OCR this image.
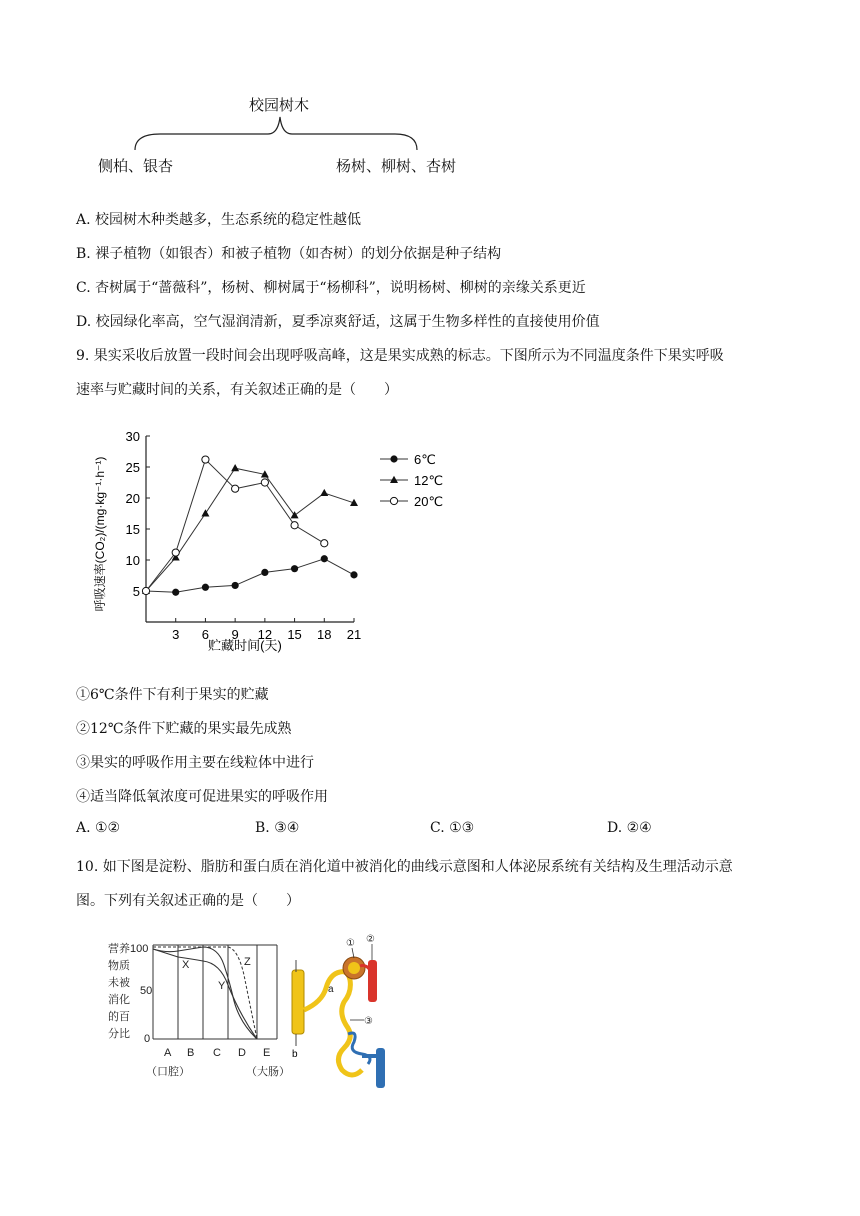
校园树木
侧柏、银杏	杨树、柳树、杏树
A. 校园树木种类越多，生态系统的稳定性越低
B. 裸子植物（如银杏）和被子植物（如杏树）的划分依据是种子结构
C. 杏树属于“蔷薇科”，杨树、柳树属于“杨柳科”，说明杨树、柳树的亲缘关系更近
D. 校园绿化率高，空气湿润清新，夏季凉爽舒适，这属于生物多样性的直接使用价值
9. 果实采收后放置一段时间会出现呼吸高峰，这是果实成熟的标志。下图所示为不同温度条件下果实呼吸
速率与贮藏时间的关系，有关叙述正确的是（　　）
5
10
15
20
25
30
3 6 9 12 15 18 21
6℃
12℃
20℃
贮藏时间(天)
呼吸速率(CO₂)/(mg·kg⁻¹·h⁻¹)
①6℃条件下有利于果实的贮藏
②12℃条件下贮藏的果实最先成熟
③果实的呼吸作用主要在线粒体中进行
④适当降低氧浓度可促进果实的呼吸作用
A. ①②	B. ③④	C. ①③	D. ②④
10. 如下图是淀粉、脂肪和蛋白质在消化道中被消化的曲线示意图和人体泌尿系统有关结构及生理活动示意
图。下列有关叙述正确的是（　　）
营养
物质
未被
消化
的百
分比
100
50
0
X
Y
Z
A B C D E
（口腔）	（大肠）
b
① ②
③
a
